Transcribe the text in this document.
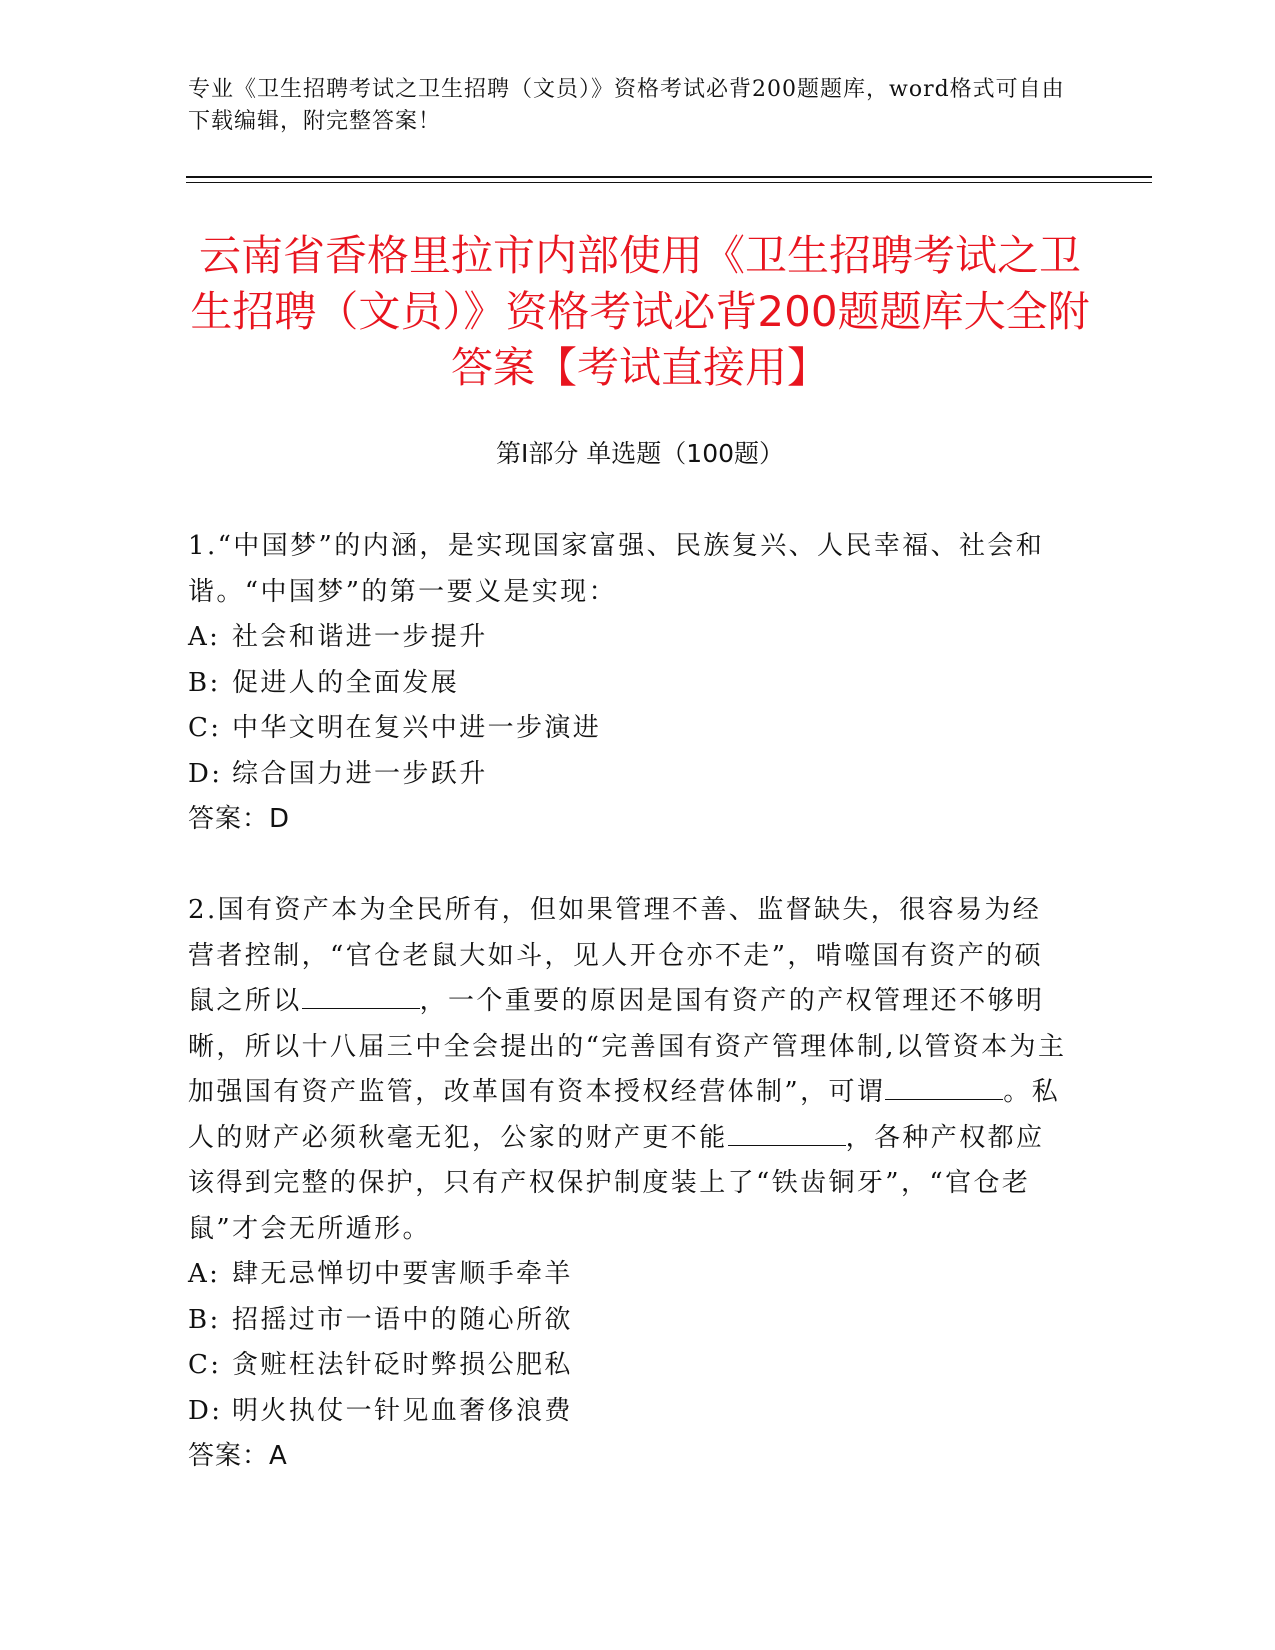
专业《卫生招聘考试之卫生招聘（文员）》资格考试必背200题题库，word格式可自由下载编辑，附完整答案！
云南省香格里拉市内部使用《卫生招聘考试之卫生招聘（文员）》资格考试必背200题题库大全附答案【考试直接用】
第Ⅰ部分 单选题（100题）
1.“中国梦”的内涵，是实现国家富强、民族复兴、人民幸福、社会和谐。“中国梦”的第一要义是实现：
A: 社会和谐进一步提升
B: 促进人的全面发展
C: 中华文明在复兴中进一步演进
D: 综合国力进一步跃升
答案：D
2.国有资产本为全民所有，但如果管理不善、监督缺失，很容易为经营者控制，“官仓老鼠大如斗，见人开仓亦不走”，啃噬国有资产的硕鼠之所以	，一个重要的原因是国有资产的产权管理还不够明晰，所以十八届三中全会提出的“完善国有资产管理体制,以管资本为主加强国有资产监管，改革国有资本授权经营体制”，可谓	。私人的财产必须秋毫无犯，公家的财产更不能	，各种产权都应该得到完整的保护，只有产权保护制度装上了“铁齿铜牙”，“官仓老鼠”才会无所遁形。
A: 肆无忌惮切中要害顺手牵羊
B: 招摇过市一语中的随心所欲
C: 贪赃枉法针砭时弊损公肥私
D: 明火执仗一针见血奢侈浪费
答案：A
